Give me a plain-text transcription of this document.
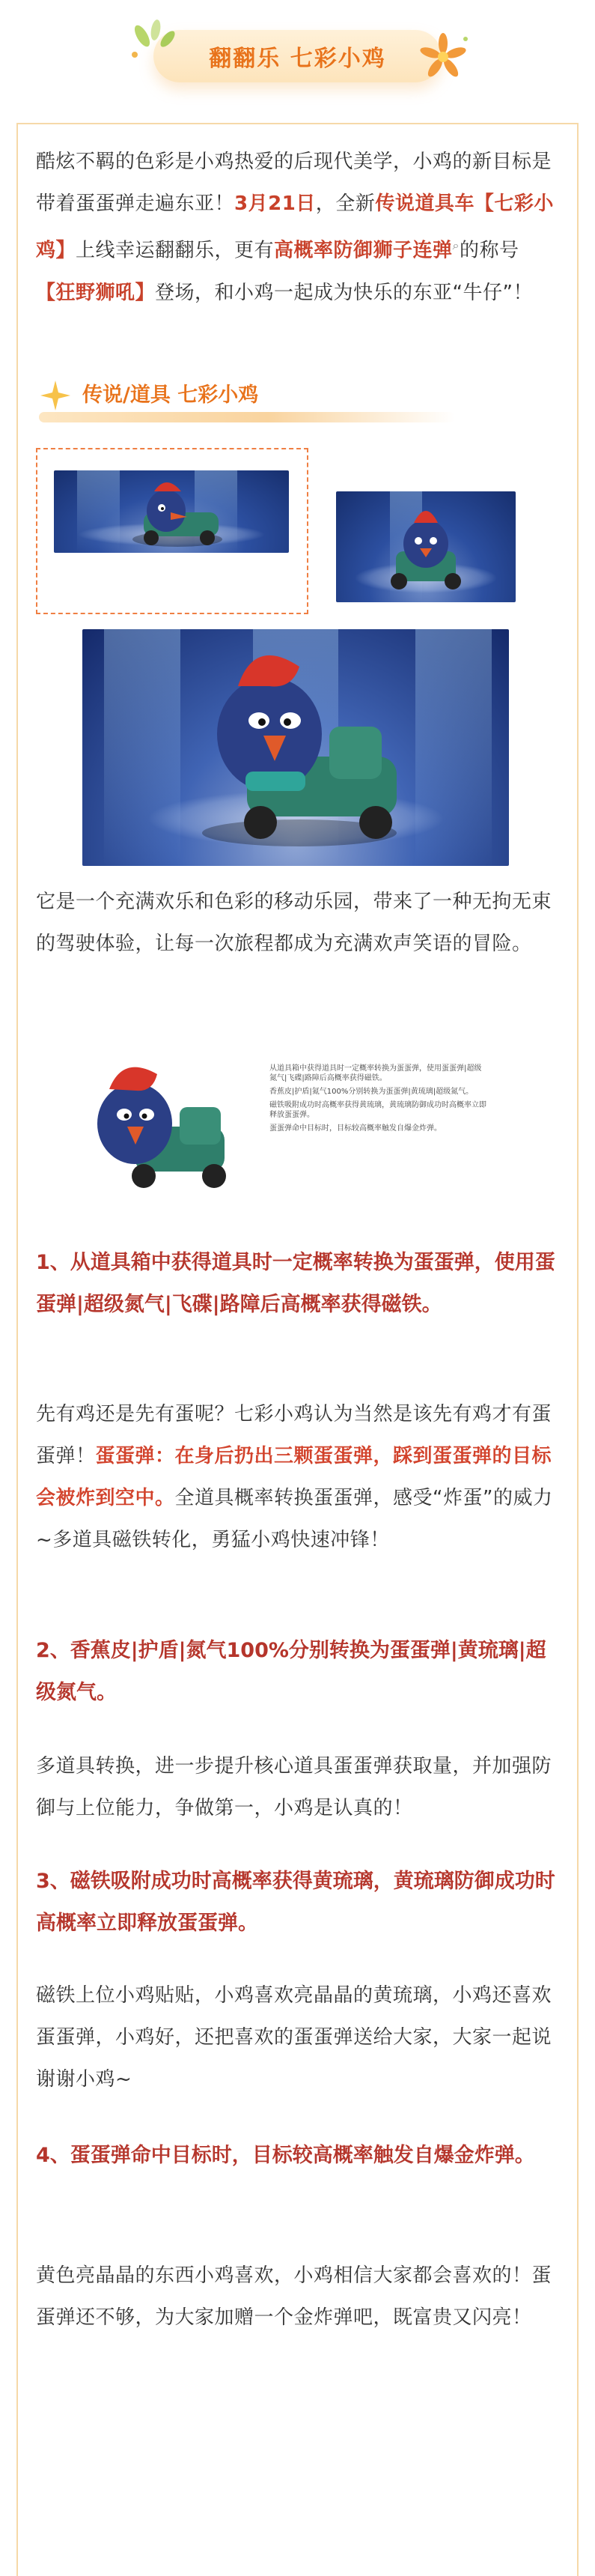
翻翻乐 七彩小鸡
酷炫不羁的色彩是小鸡热爱的后现代美学，小鸡的新目标是带着蛋蛋弹走遍东亚！3月21日，全新传说道具车【七彩小鸡】上线幸运翻翻乐，更有高概率防御狮子连弹⌕的称号【狂野狮吼】登场，和小鸡一起成为快乐的东亚“牛仔”！
传说/道具 七彩小鸡
它是一个充满欢乐和色彩的移动乐园，带来了一种无拘无束的驾驶体验，让每一次旅程都成为充满欢声笑语的冒险。
从道具箱中获得道具时一定概率转换为蛋蛋弹，使用蛋蛋弹|超级氮气|飞碟|路障后高概率获得磁铁。
香蕉皮|护盾|氮气100%分别转换为蛋蛋弹|黄琉璃|超级氮气。
磁铁吸附成功时高概率获得黄琉璃，黄琉璃防御成功时高概率立即释放蛋蛋弹。
蛋蛋弹命中目标时，目标较高概率触发自爆金炸弹。
1、从道具箱中获得道具时一定概率转换为蛋蛋弹，使用蛋蛋弹|超级氮气|飞碟|路障后高概率获得磁铁。
先有鸡还是先有蛋呢？七彩小鸡认为当然是该先有鸡才有蛋蛋弹！蛋蛋弹：在身后扔出三颗蛋蛋弹，踩到蛋蛋弹的目标会被炸到空中。全道具概率转换蛋蛋弹，感受“炸蛋”的威力~多道具磁铁转化，勇猛小鸡快速冲锋！
2、香蕉皮|护盾|氮气100%分别转换为蛋蛋弹|黄琉璃|超级氮气。
多道具转换，进一步提升核心道具蛋蛋弹获取量，并加强防御与上位能力，争做第一，小鸡是认真的！
3、磁铁吸附成功时高概率获得黄琉璃，黄琉璃防御成功时高概率立即释放蛋蛋弹。
磁铁上位小鸡贴贴，小鸡喜欢亮晶晶的黄琉璃，小鸡还喜欢蛋蛋弹，小鸡好，还把喜欢的蛋蛋弹送给大家，大家一起说谢谢小鸡~
4、蛋蛋弹命中目标时，目标较高概率触发自爆金炸弹。
黄色亮晶晶的东西小鸡喜欢，小鸡相信大家都会喜欢的！蛋蛋弹还不够，为大家加赠一个金炸弹吧，既富贵又闪亮！
